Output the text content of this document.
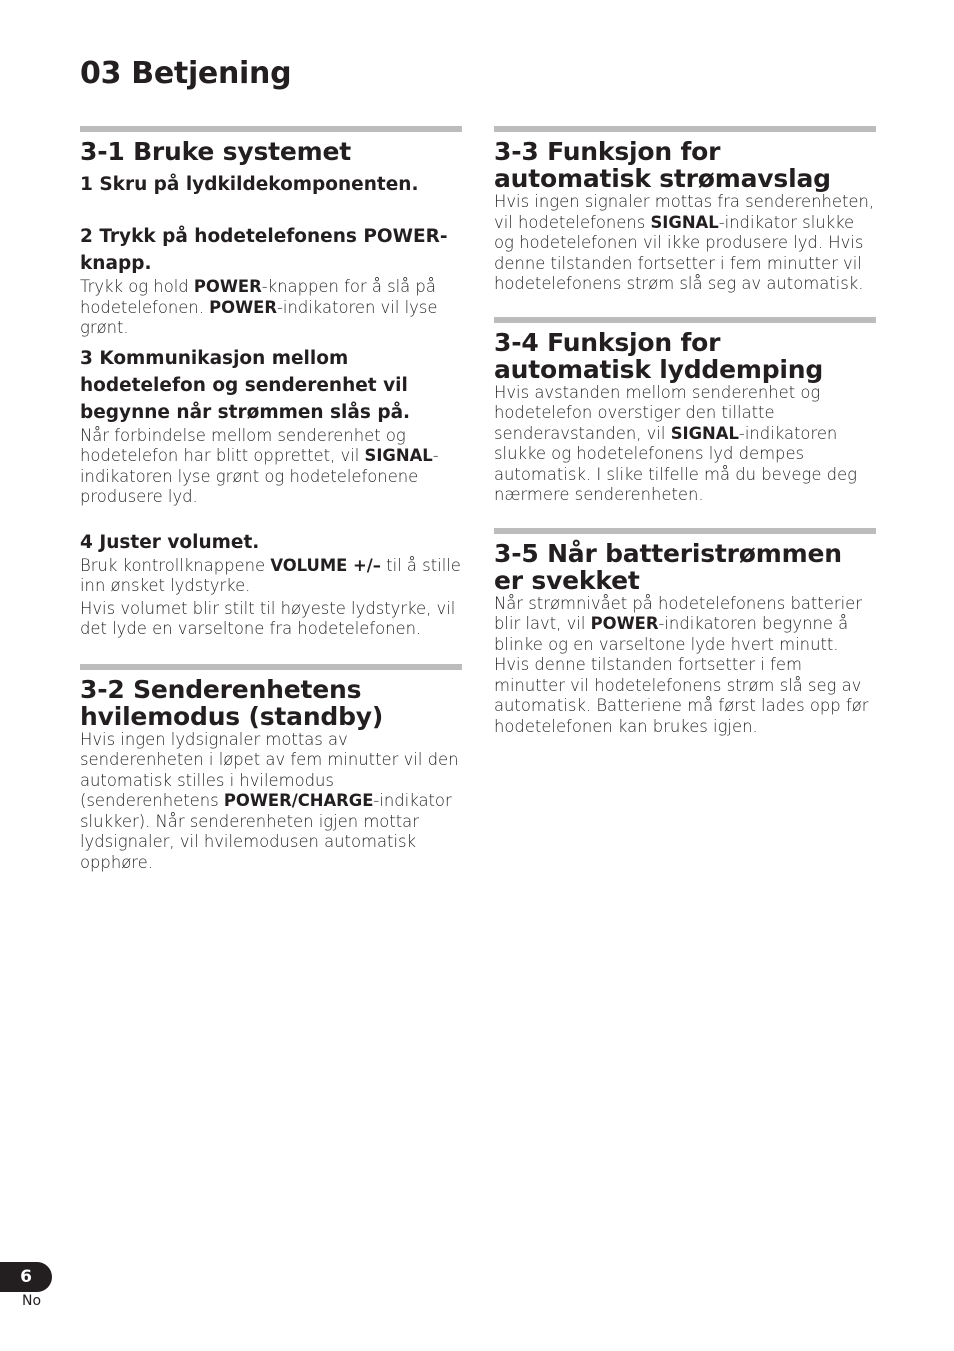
03 Betjening
3-1 Bruke systemet

1 Skru på lydkildekomponenten.

2 Trykk på hodetelefonens POWER-knapp.

Trykk og hold POWER-knappen for å slå på hodetelefonen. POWER-indikatoren vil lyse grønt.

3 Kommunikasjon mellom hodetelefon og senderenhet vil begynne når strømmen slås på.

Når forbindelse mellom senderenhet og hodetelefon har blitt opprettet, vil SIGNAL-indikatoren lyse grønt og hodetelefonene produsere lyd.

4 Juster volumet.

Bruk kontrollknappene VOLUME +/– til å stille inn ønsket lydstyrke.

Hvis volumet blir stilt til høyeste lydstyrke, vil det lyde en varseltone fra hodetelefonen.

3-2 Senderenhetens hvilemodus (standby)

Hvis ingen lydsignaler mottas av senderenheten i løpet av fem minutter vil den automatisk stilles i hvilemodus (senderenhetens POWER/CHARGE-indikator slukker). Når senderenheten igjen mottar lydsignaler, vil hvilemodusen automatisk opphøre.

3-3 Funksjon for automatisk strømavslag

Hvis ingen signaler mottas fra senderenheten, vil hodetelefonens SIGNAL-indikator slukke og hodetelefonen vil ikke produsere lyd. Hvis denne tilstanden fortsetter i fem minutter vil hodetelefonens strøm slå seg av automatisk.

3-4 Funksjon for automatisk lyddemping

Hvis avstanden mellom senderenhet og hodetelefon overstiger den tillatte senderavstanden, vil SIGNAL-indikatoren slukke og hodetelefonens lyd dempes automatisk. I slike tilfelle må du bevege deg nærmere senderenheten.

3-5 Når batteristrømmen er svekket

Når strømnivået på hodetelefonens batterier blir lavt, vil POWER-indikatoren begynne å blinke og en varseltone lyde hvert minutt. Hvis denne tilstanden fortsetter i fem minutter vil hodetelefonens strøm slå seg av automatisk. Batteriene må først lades opp før hodetelefonen kan brukes igjen.

6
No
